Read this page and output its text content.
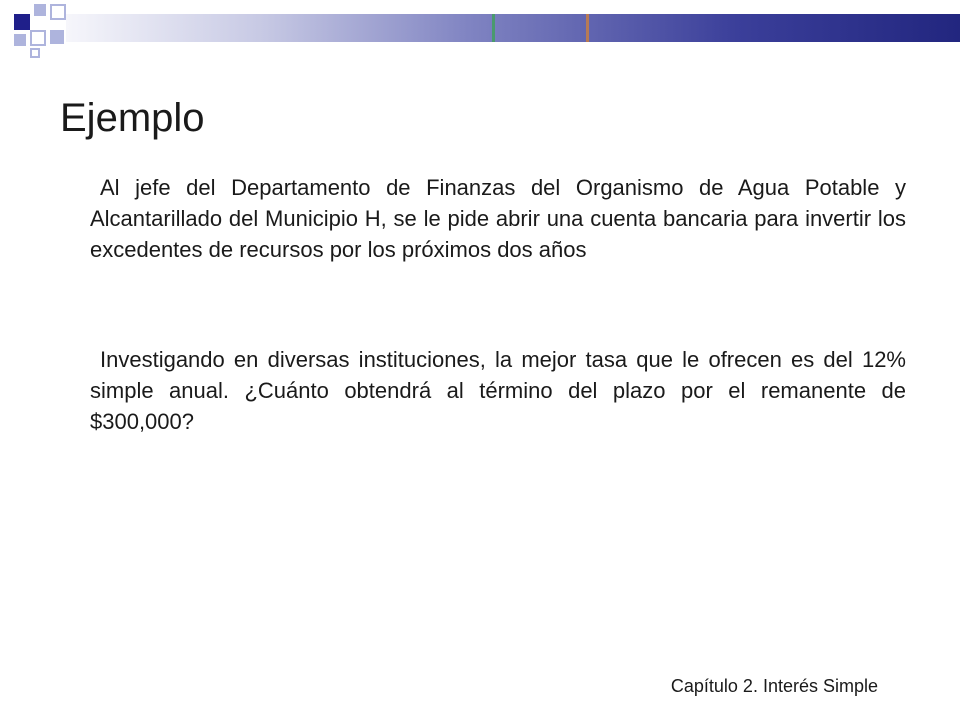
Ejemplo

Al jefe del Departamento de Finanzas del Organismo de Agua Potable y Alcantarillado del Municipio H, se le pide abrir una cuenta bancaria para invertir los excedentes de recursos por los próximos dos años

Investigando en diversas instituciones, la mejor tasa que le ofrecen es del 12% simple anual. ¿Cuánto obtendrá al término del plazo por el remanente de $300,000?

Capítulo 2. Interés Simple
